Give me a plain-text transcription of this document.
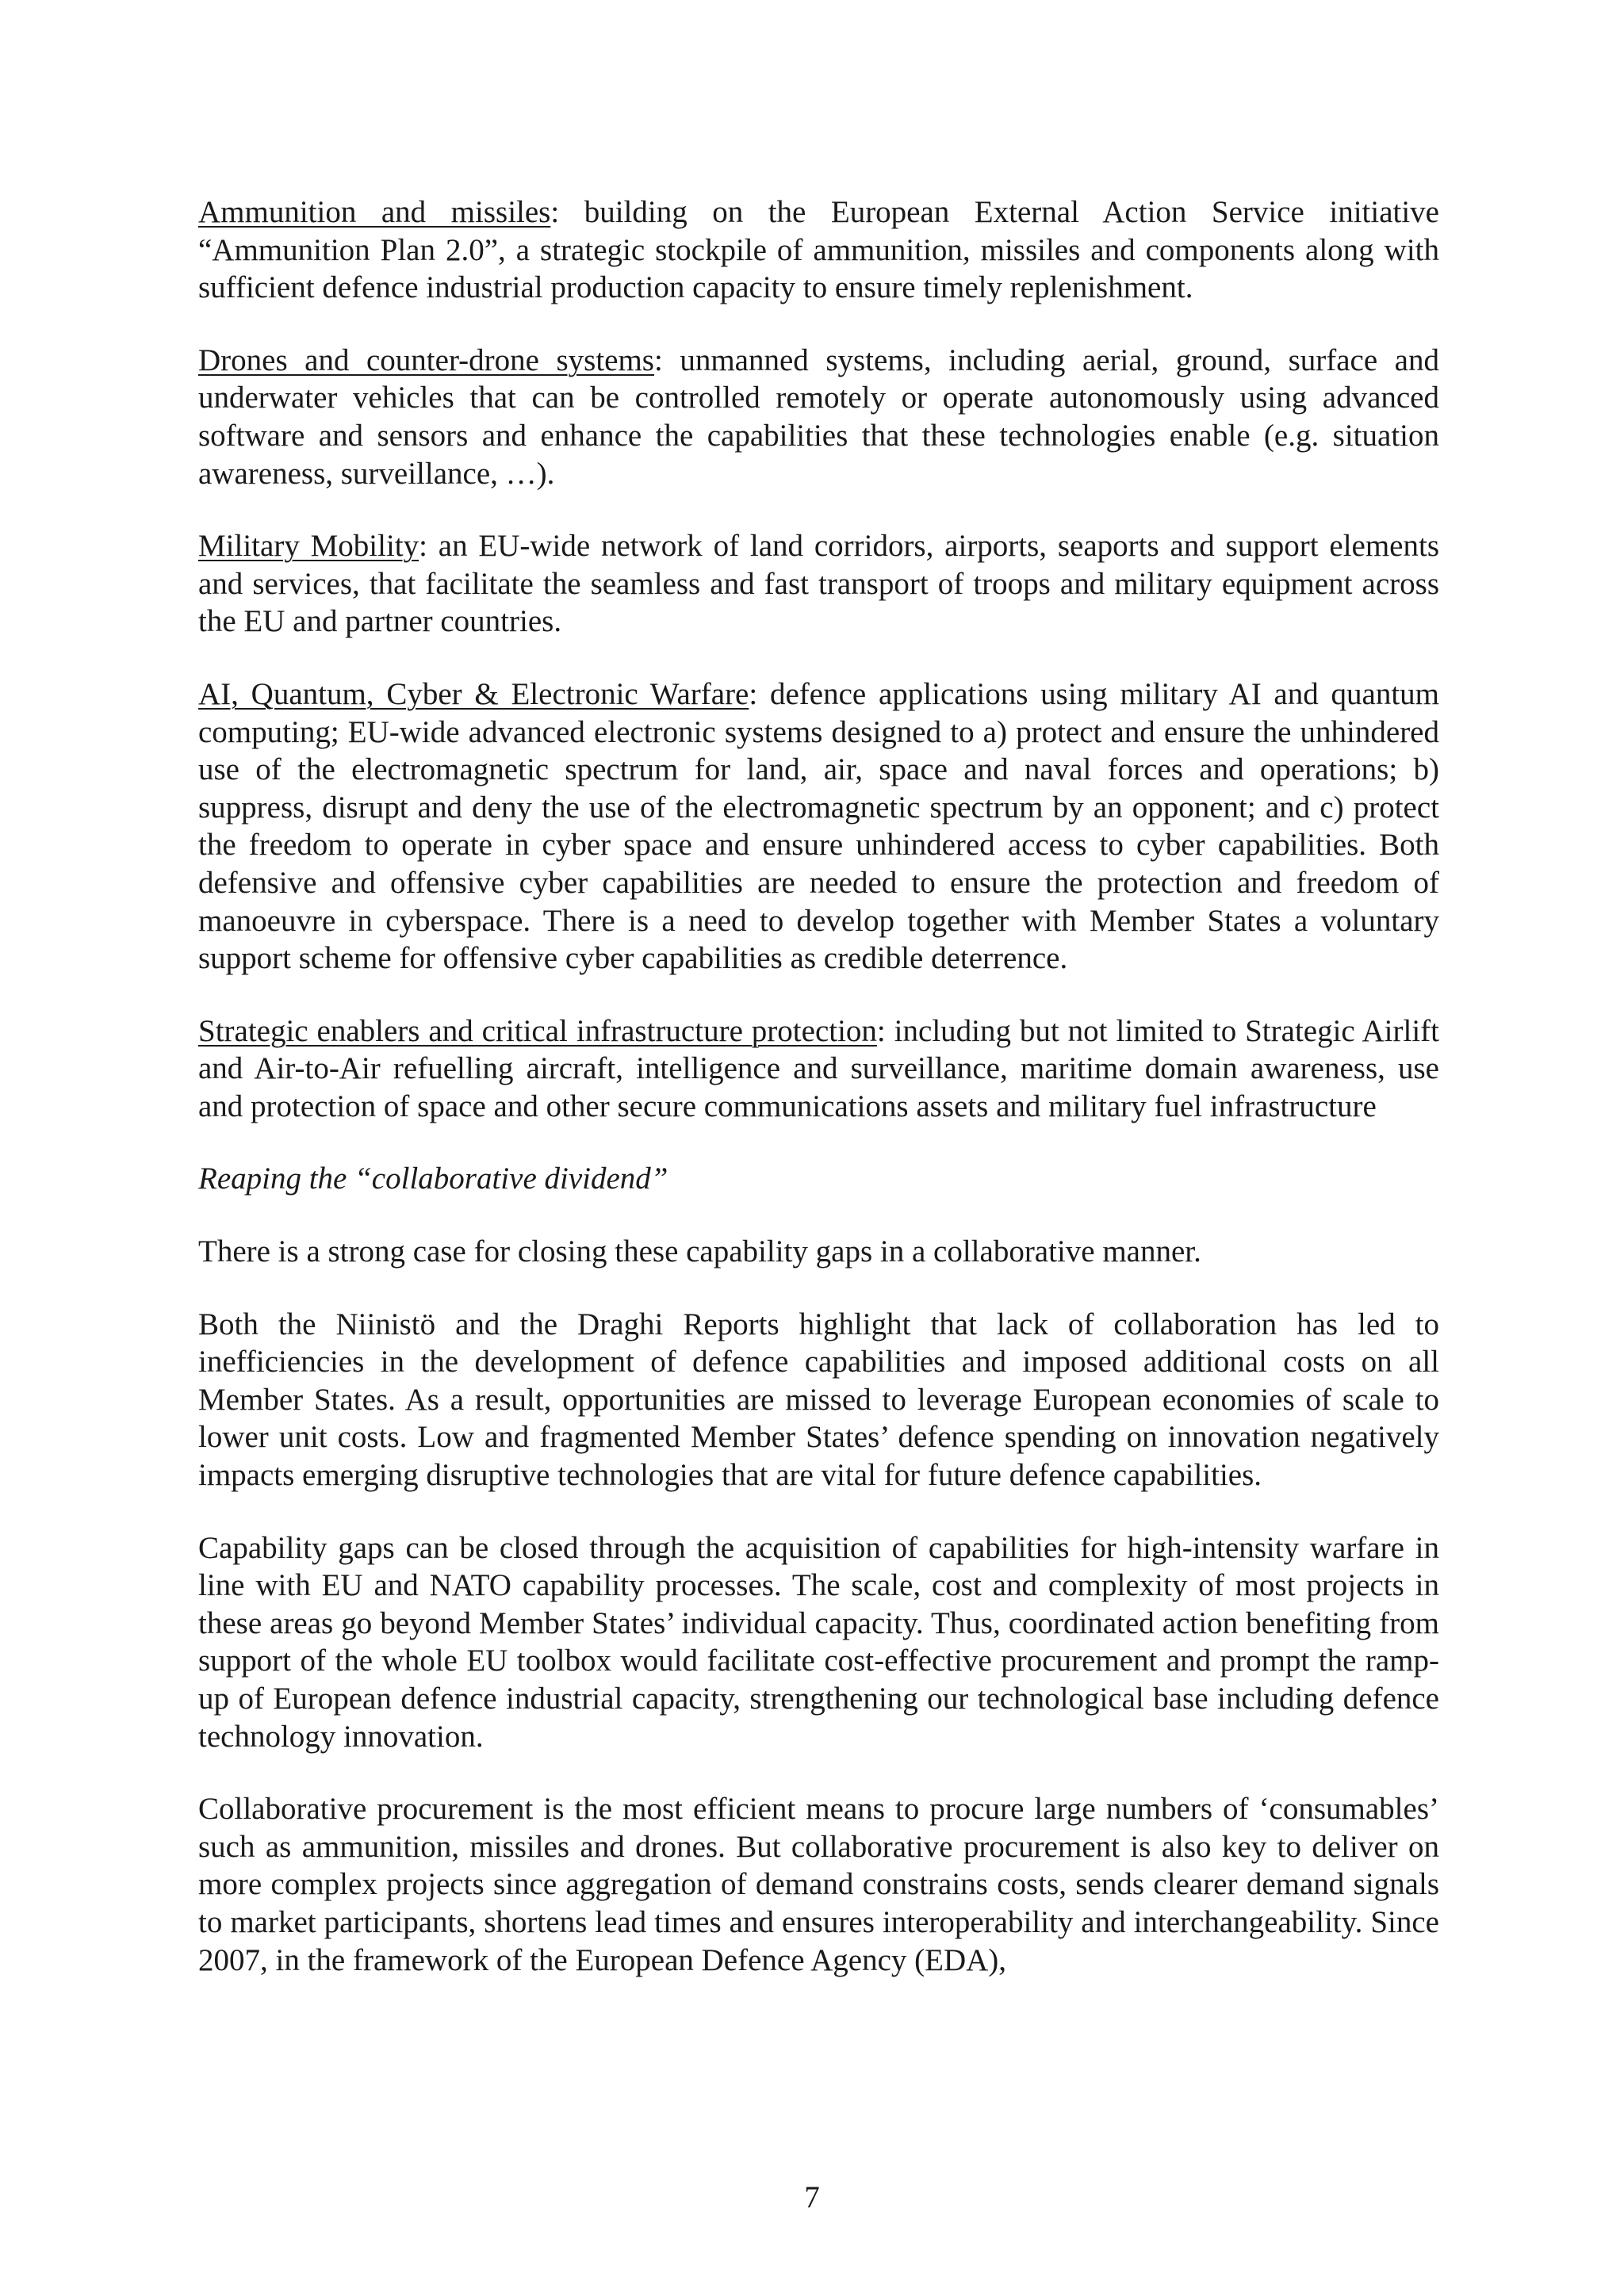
Ammunition and missiles: building on the European External Action Service initiative “Ammunition Plan 2.0”, a strategic stockpile of ammunition, missiles and components along with sufficient defence industrial production capacity to ensure timely replenishment.

Drones and counter-drone systems: unmanned systems, including aerial, ground, surface and underwater vehicles that can be controlled remotely or operate autonomously using advanced software and sensors and enhance the capabilities that these technologies enable (e.g. situation awareness, surveillance, …).

Military Mobility: an EU-wide network of land corridors, airports, seaports and support elements and services, that facilitate the seamless and fast transport of troops and military equipment across the EU and partner countries.

AI, Quantum, Cyber & Electronic Warfare: defence applications using military AI and quantum computing; EU-wide advanced electronic systems designed to a) protect and ensure the unhindered use of the electromagnetic spectrum for land, air, space and naval forces and operations; b) suppress, disrupt and deny the use of the electromagnetic spectrum by an opponent; and c) protect the freedom to operate in cyber space and ensure unhindered access to cyber capabilities. Both defensive and offensive cyber capabilities are needed to ensure the protection and freedom of manoeuvre in cyberspace. There is a need to develop together with Member States a voluntary support scheme for offensive cyber capabilities as credible deterrence.

Strategic enablers and critical infrastructure protection: including but not limited to Strategic Airlift and Air-to-Air refuelling aircraft, intelligence and surveillance, maritime domain awareness, use and protection of space and other secure communications assets and military fuel infrastructure

Reaping the “collaborative dividend”

There is a strong case for closing these capability gaps in a collaborative manner.

Both the Niinistö and the Draghi Reports highlight that lack of collaboration has led to inefficiencies in the development of defence capabilities and imposed additional costs on all Member States. As a result, opportunities are missed to leverage European economies of scale to lower unit costs. Low and fragmented Member States’ defence spending on innovation negatively impacts emerging disruptive technologies that are vital for future defence capabilities.

Capability gaps can be closed through the acquisition of capabilities for high-intensity warfare in line with EU and NATO capability processes. The scale, cost and complexity of most projects in these areas go beyond Member States’ individual capacity. Thus, coordinated action benefiting from support of the whole EU toolbox would facilitate cost-effective procurement and prompt the ramp-up of European defence industrial capacity, strengthening our technological base including defence technology innovation.

Collaborative procurement is the most efficient means to procure large numbers of ‘consumables’ such as ammunition, missiles and drones. But collaborative procurement is also key to deliver on more complex projects since aggregation of demand constrains costs, sends clearer demand signals to market participants, shortens lead times and ensures interoperability and interchangeability. Since 2007, in the framework of the European Defence Agency (EDA),

7
